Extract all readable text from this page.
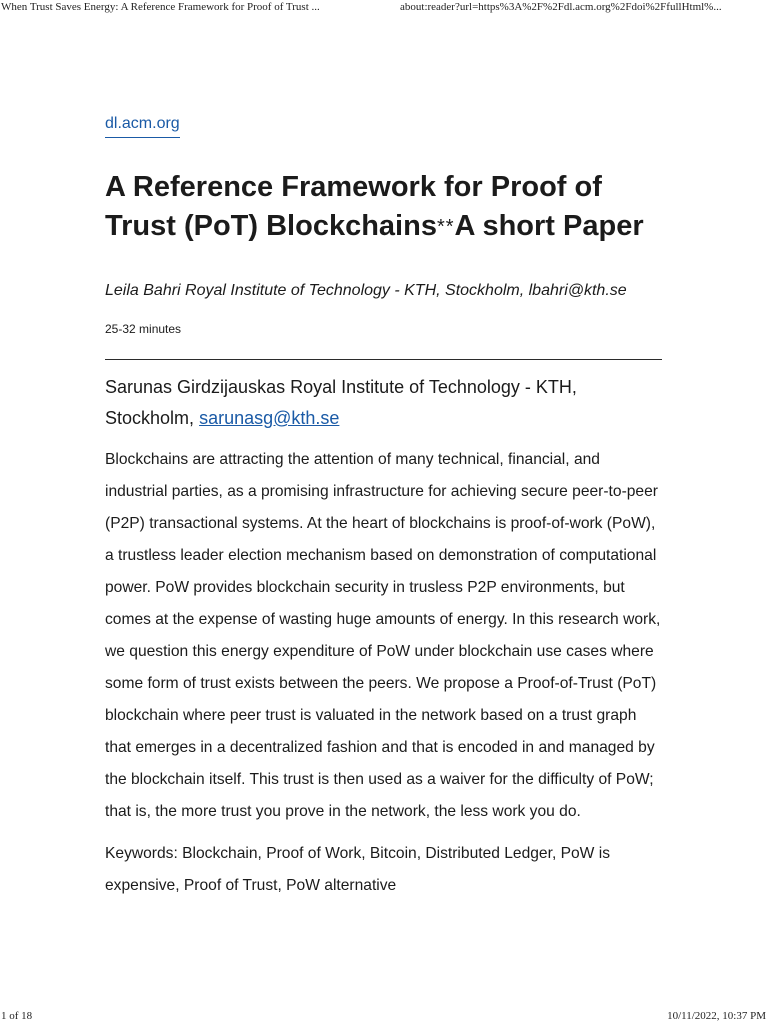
When Trust Saves Energy: A Reference Framework for Proof of Trust ...	about:reader?url=https%3A%2F%2Fdl.acm.org%2Fdoi%2FfullHtml%...
dl.acm.org
A Reference Framework for Proof of Trust (PoT) Blockchains**A short Paper
Leila Bahri Royal Institute of Technology - KTH, Stockholm, lbahri@kth.se
25-32 minutes
Sarunas Girdzijauskas Royal Institute of Technology - KTH, Stockholm, sarunasg@kth.se

Blockchains are attracting the attention of many technical, financial, and industrial parties, as a promising infrastructure for achieving secure peer-to-peer (P2P) transactional systems. At the heart of blockchains is proof-of-work (PoW), a trustless leader election mechanism based on demonstration of computational power. PoW provides blockchain security in trusless P2P environments, but comes at the expense of wasting huge amounts of energy. In this research work, we question this energy expenditure of PoW under blockchain use cases where some form of trust exists between the peers. We propose a Proof-of-Trust (PoT) blockchain where peer trust is valuated in the network based on a trust graph that emerges in a decentralized fashion and that is encoded in and managed by the blockchain itself. This trust is then used as a waiver for the difficulty of PoW; that is, the more trust you prove in the network, the less work you do.

Keywords: Blockchain, Proof of Work, Bitcoin, Distributed Ledger, PoW is expensive, Proof of Trust, PoW alternative

1 of 18	10/11/2022, 10:37 PM
